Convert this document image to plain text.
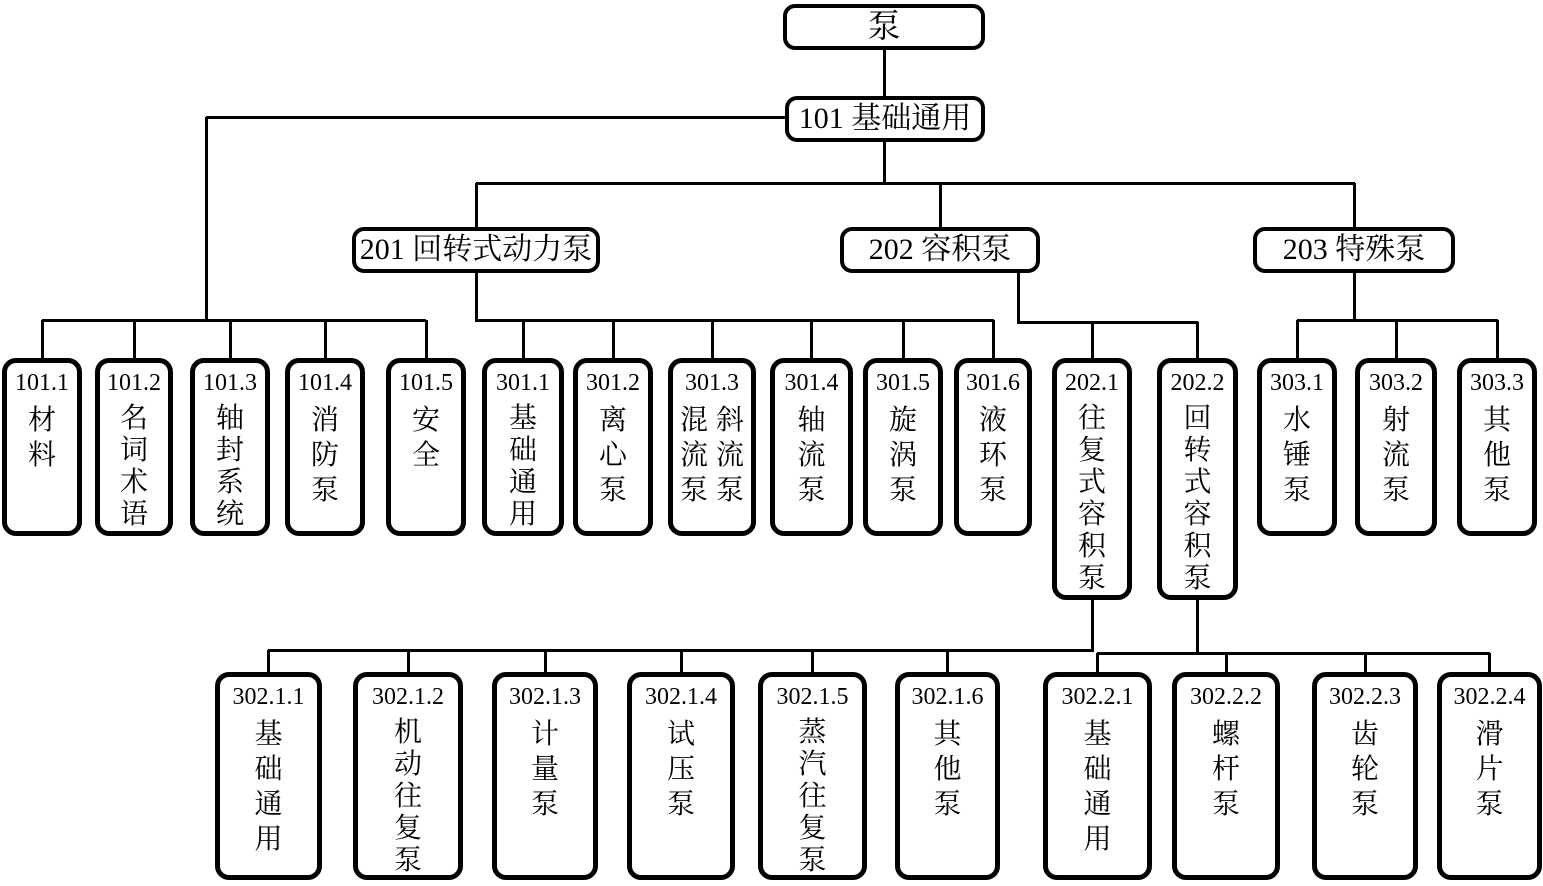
泵
101 基础通用
201 回转式动力泵	202 容积泵	203 特殊泵
101.1
材
料
101.2
名
词
术
语
101.3
轴
封
系
统
101.4
消
防
泵
101.5
安
全
301.1
基
础
通
用
301.2
离
心
泵
301.3
混
流
泵
斜
流
泵
301.4
轴
流
泵
301.5
旋
涡
泵
301.6
液
环
泵
202.1
往
复
式
容
积
泵
202.2
回
转
式
容
积
泵
303.1
水
锤
泵
303.2
射
流
泵
303.3
其
他
泵
302.1.1
基
础
通
用
302.1.2
机
动
往
复
泵
302.1.3
计
量
泵
302.1.4
试
压
泵
302.1.5
蒸
汽
往
复
泵
302.1.6
其
他
泵
302.2.1
基
础
通
用
302.2.2
螺
杆
泵
302.2.3
齿
轮
泵
302.2.4
滑
片
泵
